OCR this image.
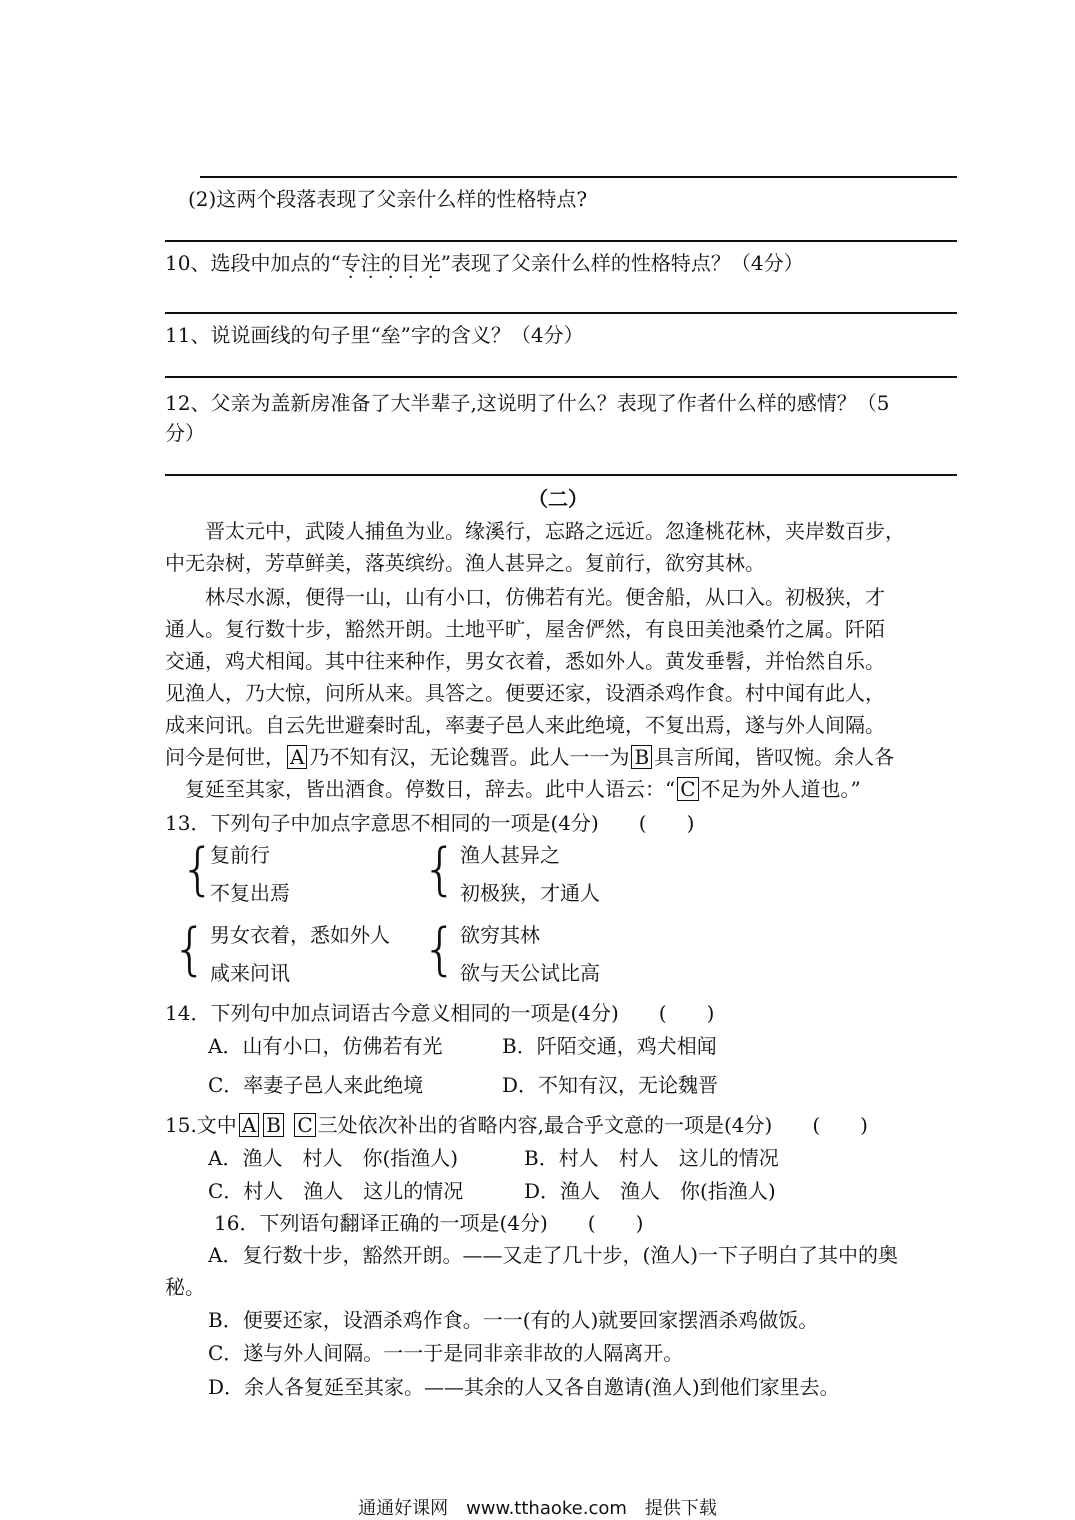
(2)这两个段落表现了父亲什么样的性格特点?
10、选段中加点的“专注的目光”表现了父亲什么样的性格特点？（4分）
11、说说画线的句子里“垒”字的含义？（4分）
12、父亲为盖新房准备了大半辈子,这说明了什么？表现了作者什么样的感情？（5
分）
（二）
晋太元中，武陵人捕鱼为业。缘溪行，忘路之远近。忽逢桃花林，夹岸数百步，
中无杂树，芳草鲜美，落英缤纷。渔人甚异之。复前行，欲穷其林。
林尽水源，便得一山，山有小口，仿佛若有光。便舍船，从口入。初极狭，才
通人。复行数十步，豁然开朗。土地平旷，屋舍俨然，有良田美池桑竹之属。阡陌
交通，鸡犬相闻。其中往来种作，男女衣着，悉如外人。黄发垂髫，并怡然自乐。
见渔人，乃大惊，问所从来。具答之。便要还家，设酒杀鸡作食。村中闻有此人，
成来问讯。自云先世避秦时乱，率妻子邑人来此绝境，不复出焉，遂与外人间隔。
问今是何世， A 乃不知有汉，无论魏晋。此人一一为 B 具言所闻，皆叹惋。余人各
复延至其家，皆出酒食。停数日，辞去。此中人语云：“ C 不足为外人道也。”
13．下列句子中加点字意思不相同的一项是(4分)　　(　　)
{
复前行
不复出焉 { 渔人甚异之
初极狭，才通人
{ 男女衣着，悉如外人
咸来问讯 { 欲穷其林
欲与天公试比高
14．下列句中加点词语古今意义相同的一项是(4分)　　(　　)
A．山有小口，仿佛若有光	B．阡陌交通，鸡犬相闻
C．率妻子邑人来此绝境	D．不知有汉，无论魏晋
15.文中 A B C 三处依次补出的省略内容,最合乎文意的一项是(4分)　　(　　)
A．渔人　村人　你(指渔人)	B．村人　村人　这儿的情况
C．村人　渔人　这儿的情况	D．渔人　渔人　你(指渔人)
16．下列语句翻译正确的一项是(4分)　　(　　)
A．复行数十步，豁然开朗。——又走了几十步，(渔人)一下子明白了其中的奥
秘。
B．便要还家，设酒杀鸡作食。一一(有的人)就要回家摆酒杀鸡做饭。
C．遂与外人间隔。一一于是同非亲非故的人隔离开。
D．余人各复延至其家。——其余的人又各自邀请(渔人)到他们家里去。
通通好课网　www.tthaoke.com　提供下载
